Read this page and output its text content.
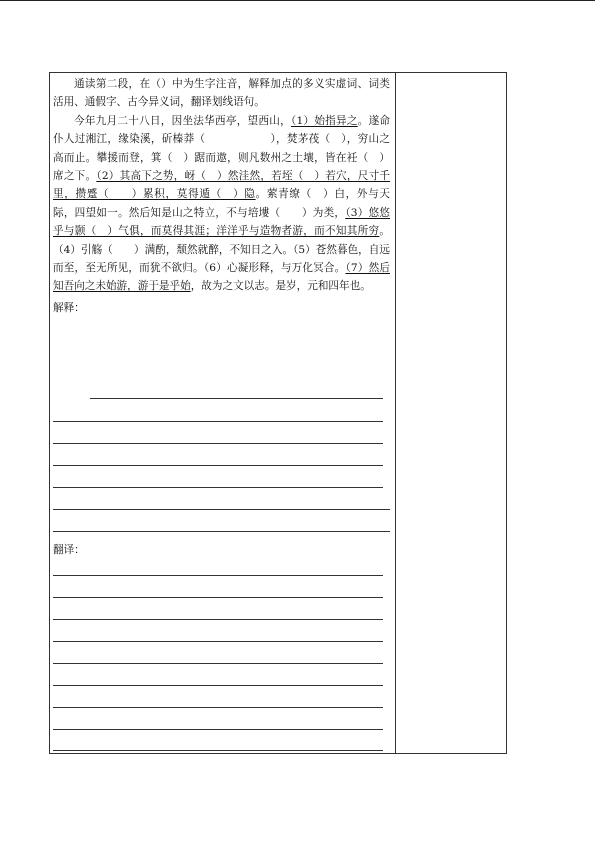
通读第二段，在（）中为生字注音，解释加点的多义实虚词、词类活用、通假字、古今异义词，翻译划线语句。

今年九月二十八日，因坐法华西亭，望西山，（1）始指异之。遂命仆人过湘江，缘染溪，斫榛莽（　　　　　　	），焚茅茷（　），穷山之高而止。攀援而登，箕（　）踞而遨，则凡数州之土壤，皆在衽（　）席之下。（2）其高下之势，岈（　）然洼然，若垤（　）若穴，尺寸千里，攒蹙（　　）累积，莫得遁（　）隐。萦青缭（　）白，外与天际，四望如一。然后知是山之特立，不与培塿（　　）为类，（3）悠悠乎与颢（　）气俱，而莫得其涯；洋洋乎与造物者游，而不知其所穷。（4）引觞（　　）满酌，颓然就醉，不知日之入。（5）苍然暮色，自远而至，至无所见，而犹不欲归。（6）心凝形释，与万化冥合。（7）然后知吾向之未始游，游于是乎始，故为之文以志。是岁，元和四年也。

解释：

翻译：
